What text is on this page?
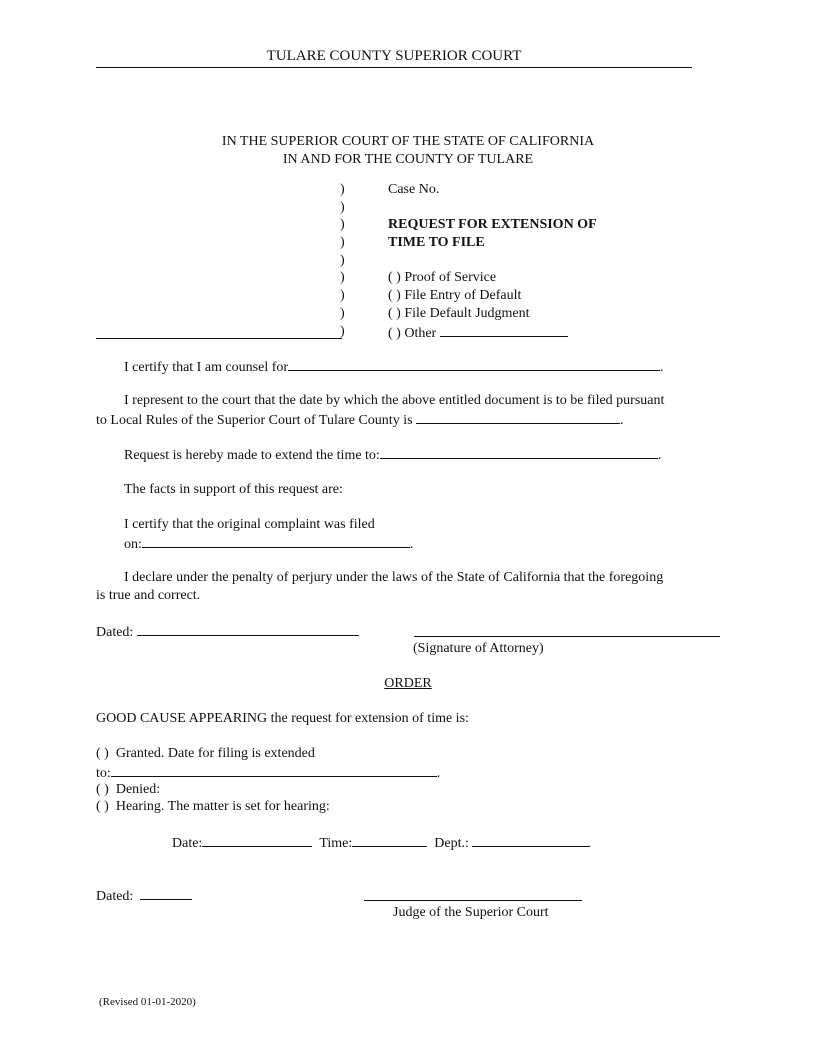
TULARE COUNTY SUPERIOR COURT
IN THE SUPERIOR COURT OF THE STATE OF CALIFORNIA
IN AND FOR THE COUNTY OF TULARE
)
)
)
)
)
)
)
)
)
Case No.
REQUEST FOR EXTENSION OF
TIME TO FILE
( ) Proof of Service
( ) File Entry of Default
( ) File Default Judgment
( ) Other
I certify that I am counsel for	.
I represent to the court that the date by which the above entitled document is to be filed pursuant
to Local Rules of the Superior Court of Tulare County is	.
Request is hereby made to extend the time to:	.
The facts in support of this request are:
I certify that the original complaint was filed
on:	.
I declare under the penalty of perjury under the laws of the State of California that the foregoing
is true and correct.
Dated:
(Signature of Attorney)
ORDER
GOOD CAUSE APPEARING the request for extension of time is:
( ) Granted. Date for filing is extended
to:	.
( ) Denied:
( ) Hearing. The matter is set for hearing:
Date:	Time:	Dept.:
Dated:
Judge of the Superior Court
(Revised 01-01-2020)
